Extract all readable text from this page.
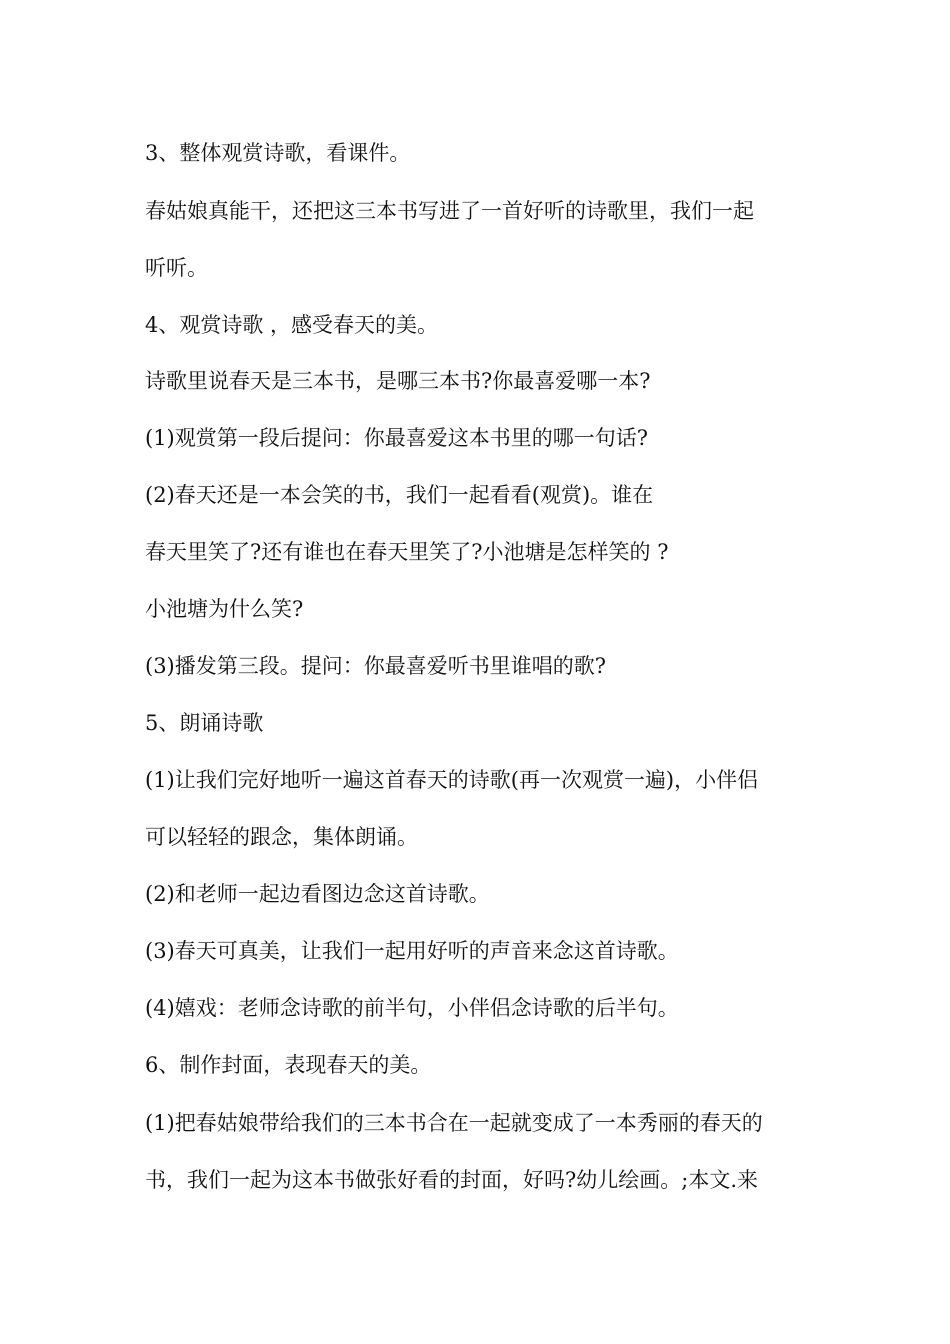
3、整体观赏诗歌，看课件。
春姑娘真能干，还把这三本书写进了一首好听的诗歌里，我们一起
听听。
4、观赏诗歌 ，感受春天的美。
诗歌里说春天是三本书，是哪三本书?你最喜爱哪一本?
(1)观赏第一段后提问：你最喜爱这本书里的哪一句话?
(2)春天还是一本会笑的书，我们一起看看(观赏)。谁在
春天里笑了?还有谁也在春天里笑了?小池塘是怎样笑的 ?
小池塘为什么笑?
(3)播发第三段。提问：你最喜爱听书里谁唱的歌?
5、朗诵诗歌
(1)让我们完好地听一遍这首春天的诗歌(再一次观赏一遍)，小伴侣
可以轻轻的跟念，集体朗诵。
(2)和老师一起边看图边念这首诗歌。
(3)春天可真美，让我们一起用好听的声音来念这首诗歌。
(4)嬉戏：老师念诗歌的前半句，小伴侣念诗歌的后半句。
6、制作封面，表现春天的美。
(1)把春姑娘带给我们的三本书合在一起就变成了一本秀丽的春天的
书，我们一起为这本书做张好看的封面，好吗?幼儿绘画。;本文.来
